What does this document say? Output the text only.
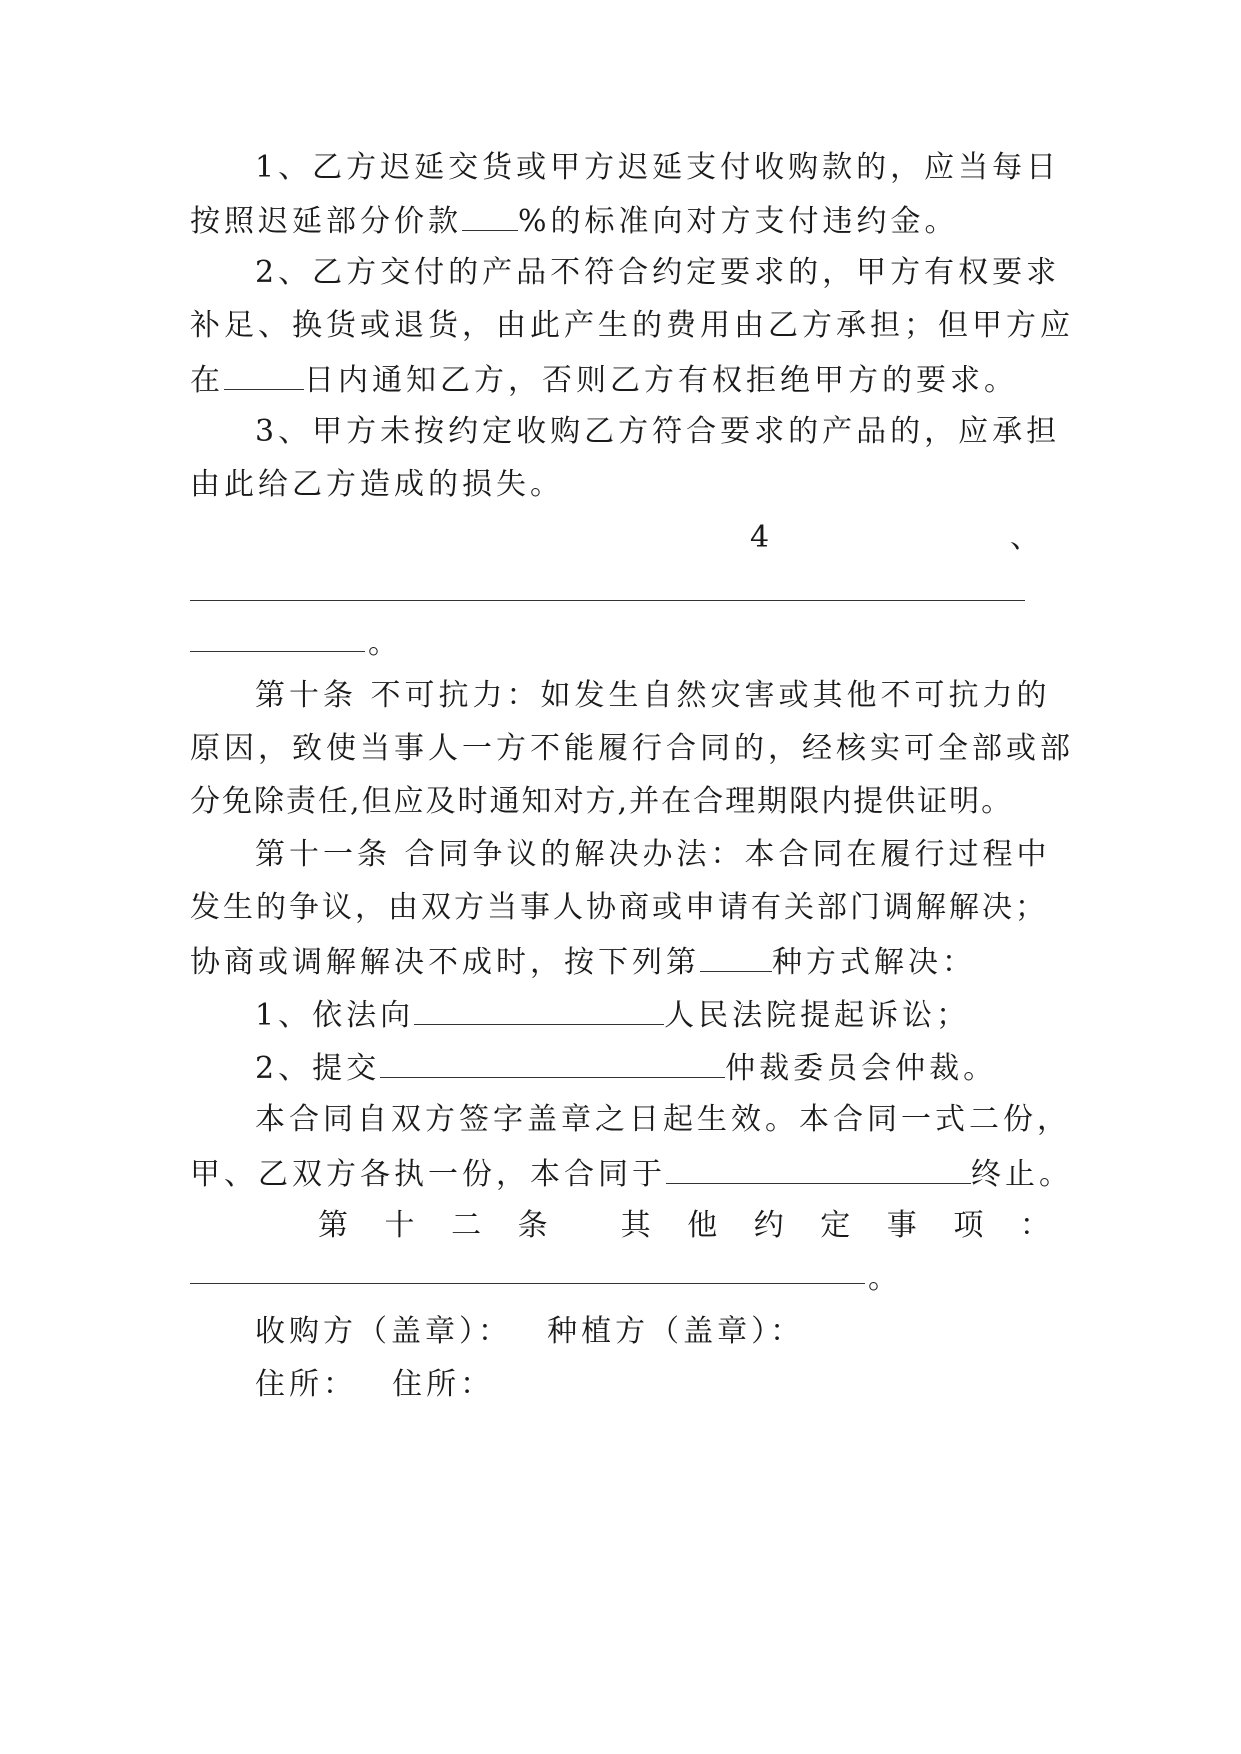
1、乙方迟延交货或甲方迟延支付收购款的，应当每日
按照迟延部分价款 %的标准向对方支付违约金。
2、乙方交付的产品不符合约定要求的，甲方有权要求
补足、换货或退货，由此产生的费用由乙方承担；但甲方应
在	日内通知乙方，否则乙方有权拒绝甲方的要求。
3、甲方未按约定收购乙方符合要求的产品的，应承担
由此给乙方造成的损失。
4	、
。
第十条 不可抗力：如发生自然灾害或其他不可抗力的
原因，致使当事人一方不能履行合同的，经核实可全部或部
分免除责任,但应及时通知对方,并在合理期限内提供证明。
第十一条 合同争议的解决办法：本合同在履行过程中
发生的争议，由双方当事人协商或申请有关部门调解解决；
协商或调解解决不成时，按下列第 种方式解决：
1、依法向	人民法院提起诉讼；
2、提交	仲裁委员会仲裁。
本合同自双方签字盖章之日起生效。本合同一式二份，
甲、乙双方各执一份，本合同于	终止。
第 十 二 条 其 他 约 定 事 项 ：
。
收购方（盖章）： 种植方（盖章）：
住所： 住所：
